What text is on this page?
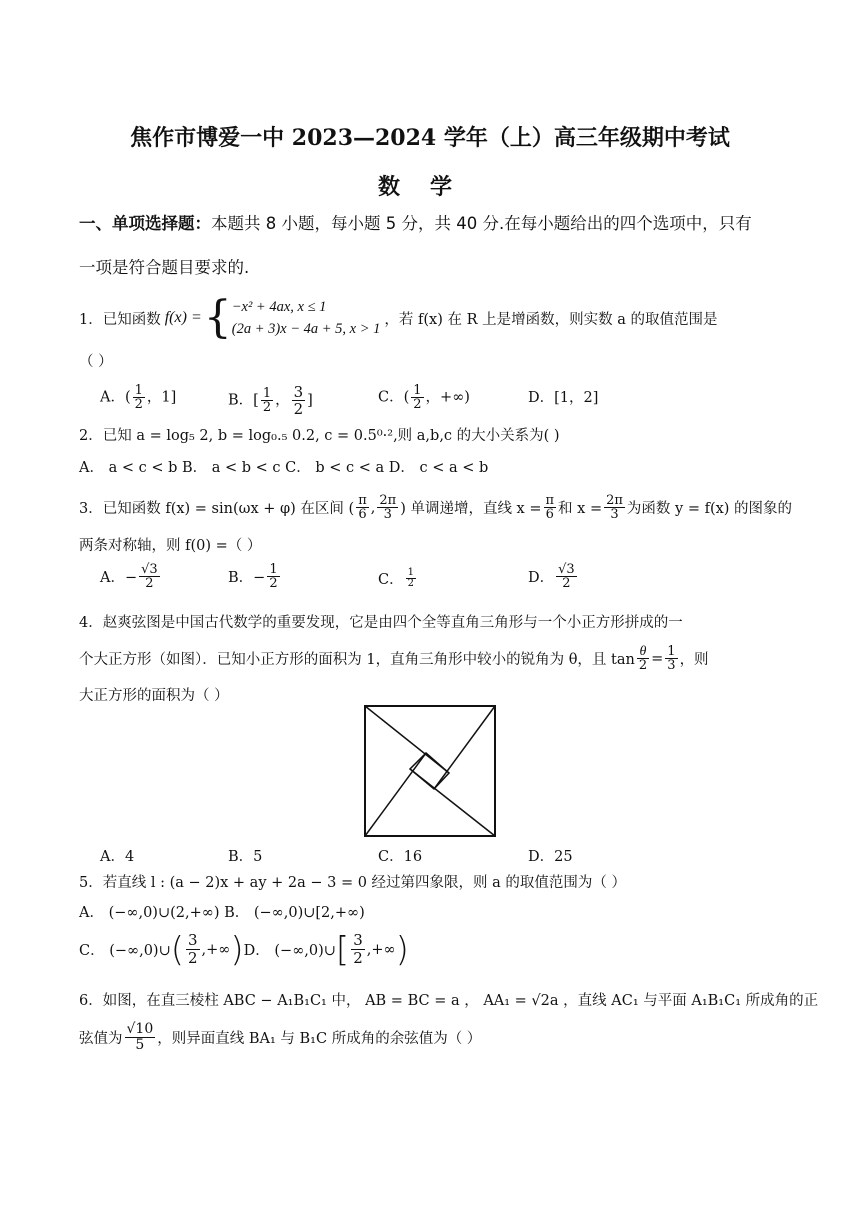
焦作市博爱一中 2023—2024 学年（上）高三年级期中考试
数学
一、单项选择题：本题共 8 小题，每小题 5 分，共 40 分.在每小题给出的四个选项中，只有
一项是符合题目要求的.
1．已知函数 f(x) = { −x² + 4ax, x ≤ 1
(2a + 3)x − 4a + 5, x > 1
，若 f(x) 在 R 上是增函数，则实数 a 的取值范围是
（ ）
A．( $\frac{1}{2}$ ，1]	B．[ $\frac{1}{2}$ ， $\frac{3}{2}$ ]	C．( $\frac{1}{2}$ ，+∞)	D．[1，2]
2．已知 a = log₅ 2, b = log₀.₅ 0.2, c = 0.5⁰·²,则 a,b,c 的大小关系为( )
A． a < c < b B． a < b < c C． b < c < a D． c < a < b
3．已知函数 f(x) = sin(ωx + φ) 在区间 ( $\frac{\pi}{6}$ , $\frac{2\pi}{3}$ ) 单调递增，直线 $x = \frac{\pi}{6}$ 和 $x = \frac{2\pi}{3}$ 为函数 y = f(x) 的图象的
两条对称轴，则 f(0) =（ ）
A．− $\frac{√3}{2}$	B．− $\frac{1}{2}$	C． $\frac{1}{2}$	D． $\frac{√3}{2}$
4．赵爽弦图是中国古代数学的重要发现，它是由四个全等直角三角形与一个小正方形拼成的一
个大正方形（如图）．已知小正方形的面积为 1，直角三角形中较小的锐角为 θ，且 $\tan \frac{\theta}{2} = \frac{1}{3}$ ，则
大正方形的面积为（ ）
A．4	B．5	C．16	D．25
5．若直线 l : (a − 2)x + ay + 2a − 3 = 0 经过第四象限，则 a 的取值范围为（ ）
A． (−∞,0)∪(2,+∞) B． (−∞,0)∪[2,+∞)
C． (−∞,0)∪ ( $\frac{3}{2}$ ,+∞ ) D． (−∞,0)∪ [ $\frac{3}{2}$ ,+∞ )
6．如图，在直三棱柱 ABC − A₁B₁C₁ 中， AB = BC = a ， AA₁ = √2a ，直线 AC₁ 与平面 A₁B₁C₁ 所成角的正
弦值为 $\frac{√10}{5}$ ，则异面直线 BA₁ 与 B₁C 所成角的余弦值为（ ）
